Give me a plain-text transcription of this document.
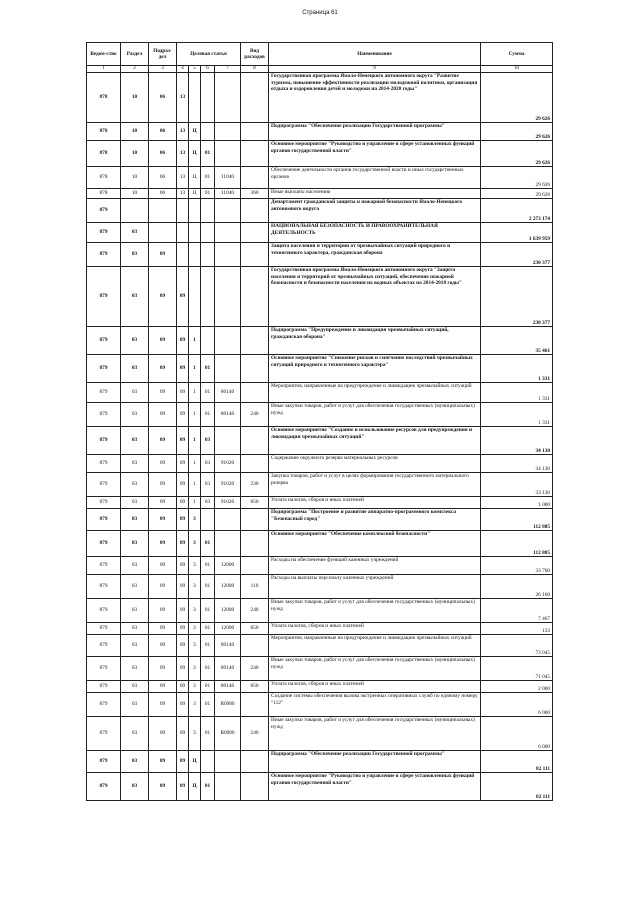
Страница 61
Ведом-ство	Раздел	Подраз-дел	Целевая статья				Вид расходов	Наименование	Сумма
1	2	3	4	5	6	7	8	9	10
878	10	06	13					Государственная программа Ямало-Ненецкого автономного округа "Развитие туризма, повышение эффективности реализации молодежной политики, организация отдыха и оздоровления детей и молодежи на 2014-2020 годы"	29 626
878	10	06	13	Ц				Подпрограмма "Обеспечение реализации Государственной программы"	29 626
878	10	06	13	Ц	01			Основное мероприятие "Руководство и управление в сфере установленных функций органов государственной власти"	29 626
878	10	06	13	Ц	01	11040		Обеспечение деятельности органов государственной власти и иных государственных органов	29 626
878	10	06	13	Ц	01	11040	360	Иные выплаты населению	29 626
879								Департамент гражданской защиты и пожарной безопасности Ямало-Ненецкого автономного округа	2 273 174
879	03							НАЦИОНАЛЬНАЯ БЕЗОПАСНОСТЬ И ПРАВООХРАНИТЕЛЬНАЯ ДЕЯТЕЛЬНОСТЬ	1 639 959
879	03	09						Защита населения и территории от чрезвычайных ситуаций природного и техногенного характера, гражданская оборона	230 377
879	03	09	09					Государственная программа Ямало-Ненецкого автономного округа "Защита населения и территорий от чрезвычайных ситуаций, обеспечение пожарной безопасности и безопасности населения на водных объектах на 2014-2018 годы"	230 377
879	03	09	09	1				Подпрограмма "Предупреждение и ликвидация чрезвычайных ситуаций, гражданская оборона"	35 461
879	03	09	09	1	01			Основное мероприятие "Снижение рисков и смягчение последствий чрезвычайных ситуаций природного и техногенного характера"	1 331
879	03	09	09	1	01	80140		Мероприятия, направленные на предупреждение и ликвидацию чрезвычайных ситуаций	1 331
879	03	09	09	1	01	80140	240	Иные закупки товаров, работ и услуг для обеспечения государственных (муниципальных) нужд	1 331
879	03	09	09	1	03			Основное мероприятие "Создание и использование ресурсов для предупреждения и ликвидации чрезвычайных ситуаций"	34 130
879	03	09	09	1	03	91020		Содержание окружного резерва материальных ресурсов	34 130
879	03	09	09	1	03	91020	230	Закупка товаров, работ и услуг в целях формирования государственного материального резерва	33 130
879	03	09	09	1	03	91020	850	Уплата налогов, сборов и иных платежей	1 000
879	03	09	09	3				Подпрограмма "Построение и развитие аппаратно-программного комплекса "Безопасный город"	112 805
879	03	09	09	3	01			Основное мероприятие "Обеспечение комплексной безопасности"	112 805
879	03	09	09	3	01	12000		Расходы на обеспечение функций казенных учреждений	33 760
879	03	09	09	3	01	12000	110	Расходы на выплаты персоналу казенных учреждений	26 160
879	03	09	09	3	01	12000	240	Иные закупки товаров, работ и услуг для обеспечения государственных (муниципальных) нужд	7 467
879	03	09	09	3	01	12000	850	Уплата налогов, сборов и иных платежей	133
879	03	09	09	3	01	80140		Мероприятия, направленные на предупреждение и ликвидацию чрезвычайных ситуаций	73 045
879	03	09	09	3	01	80140	240	Иные закупки товаров, работ и услуг для обеспечения государственных (муниципальных) нужд	71 045
879	03	09	09	3	01	80140	850	Уплата налогов, сборов и иных платежей	2 000
879	03	09	09	3	01	R0980		Создание системы обеспечения вызова экстренных оперативных служб по единому номеру "112"	6 000
879	03	09	09	3	01	R0980	240	Иные закупки товаров, работ и услуг для обеспечения государственных (муниципальных) нужд	6 000
879	03	09	09	Ц				Подпрограмма "Обеспечение реализации Государственной программы"	82 111
879	03	09	09	Ц	01			Основное мероприятие "Руководство и управление в сфере установленных функций органов государственной власти"	82 111
